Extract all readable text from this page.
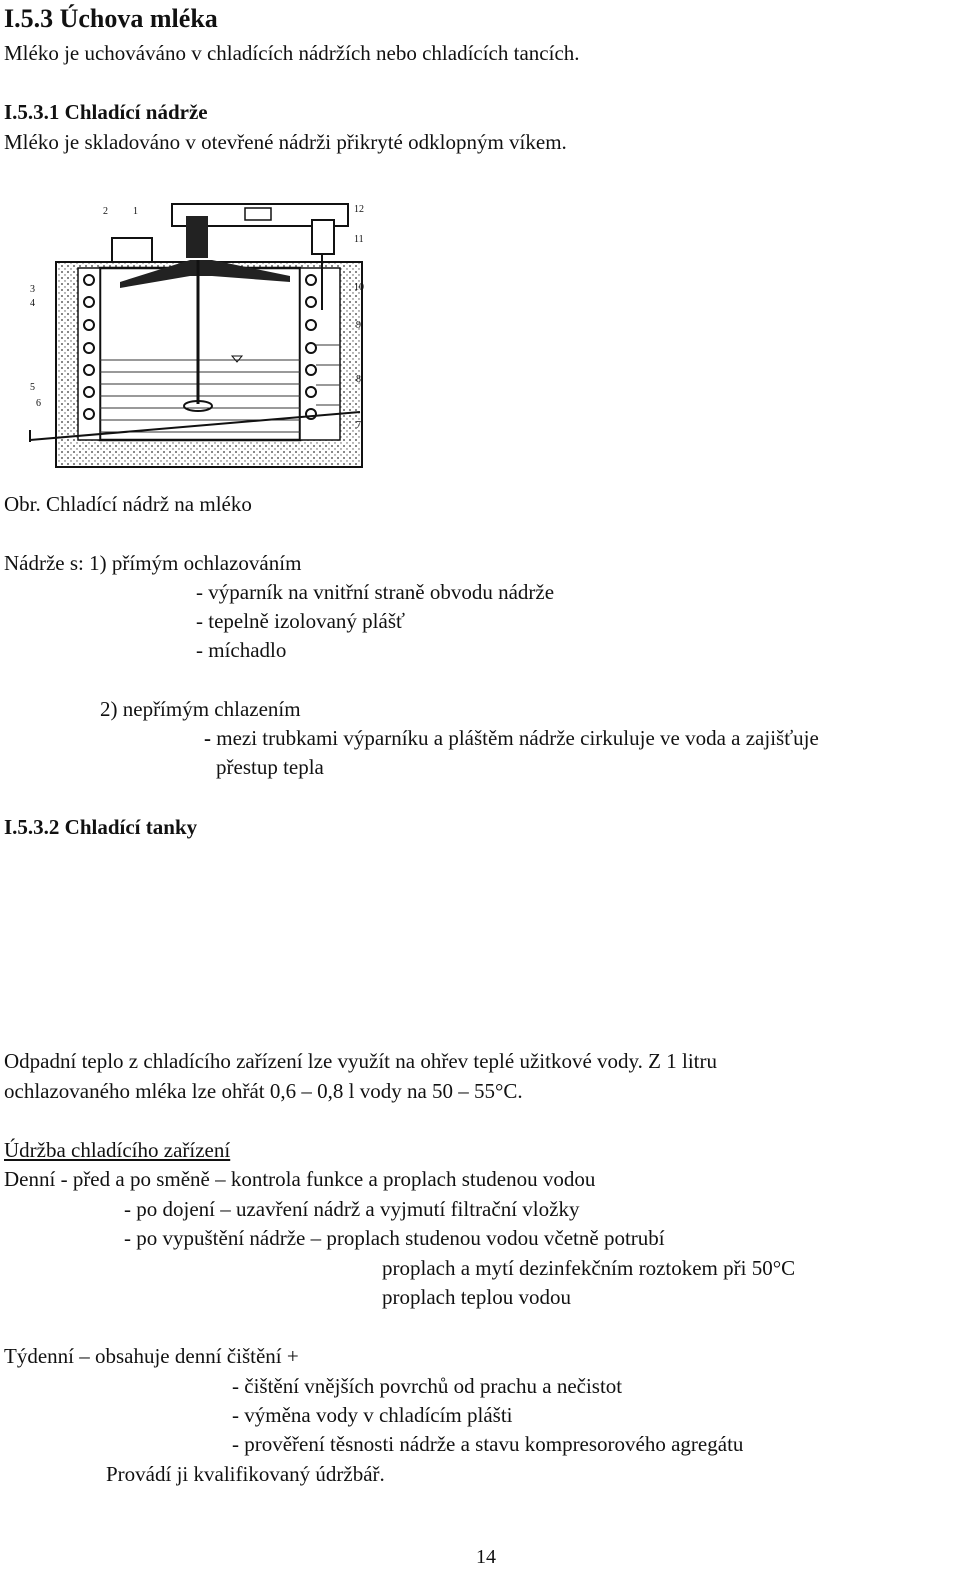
I.5.3 Úchova mléka
Mléko je uchováváno v chladících nádržích nebo chladících tancích.
I.5.3.1 Chladící nádrže
Mléko je skladováno v otevřené nádrži přikryté odklopným víkem.
2	1
3
4
5
6
7
8
9
10
11
12
Obr. Chladící nádrž na mléko
Nádrže s: 1) přímým ochlazováním
- výparník na vnitřní straně obvodu nádrže
- tepelně izolovaný plášť
- míchadlo
2) nepřímým chlazením
- mezi trubkami výparníku a pláštěm nádrže cirkuluje ve voda a zajišťuje
přestup tepla
I.5.3.2 Chladící tanky
Odpadní teplo z chladícího zařízení lze využít na ohřev teplé užitkové vody. Z 1 litru
ochlazovaného mléka lze ohřát 0,6 – 0,8 l vody na 50 – 55°C.
Údržba chladícího zařízení
Denní - před a po směně – kontrola funkce a proplach studenou vodou
- po dojení – uzavření nádrž a vyjmutí filtrační vložky
- po vypuštění nádrže – proplach studenou vodou včetně potrubí
proplach a mytí dezinfekčním roztokem při 50°C
proplach teplou vodou
Týdenní – obsahuje denní čištění +
- čištění vnějších povrchů od prachu a nečistot
- výměna vody v chladícím plášti
- prověření těsnosti nádrže a stavu kompresorového agregátu
Provádí ji kvalifikovaný údržbář.
14
